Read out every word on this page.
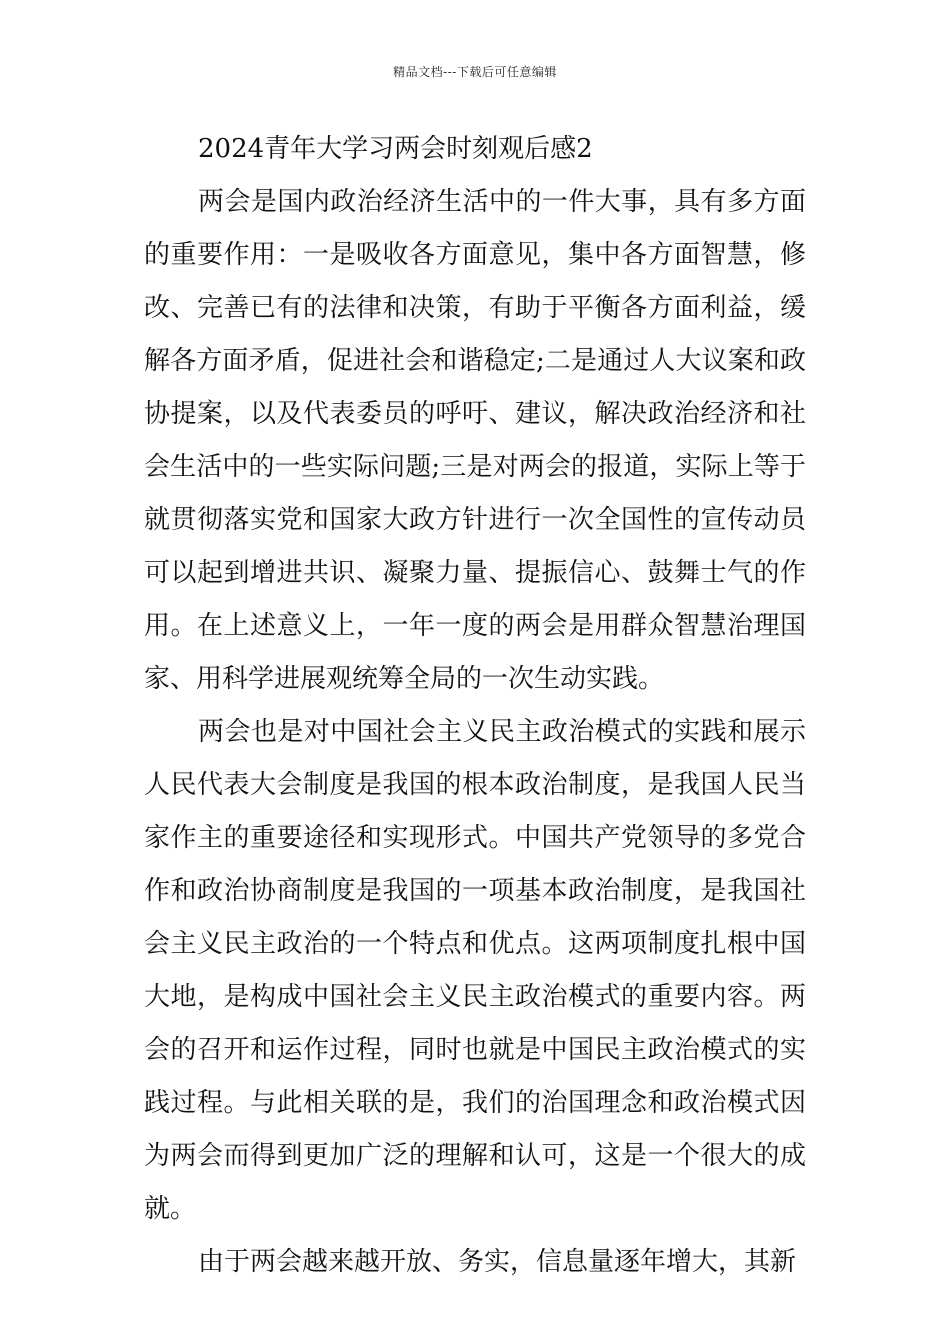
精品文档---下载后可任意编辑
2024青年大学习两会时刻观后感2

两会是国内政治经济生活中的一件大事，具有多方面的重要作用：一是吸收各方面意见，集中各方面智慧，修改、完善已有的法律和决策，有助于平衡各方面利益，缓解各方面矛盾，促进社会和谐稳定;二是通过人大议案和政协提案，以及代表委员的呼吁、建议，解决政治经济和社会生活中的一些实际问题;三是对两会的报道，实际上等于就贯彻落实党和国家大政方针进行一次全国性的宣传动员可以起到增进共识、凝聚力量、提振信心、鼓舞士气的作用。在上述意义上，一年一度的两会是用群众智慧治理国家、用科学进展观统筹全局的一次生动实践。

两会也是对中国社会主义民主政治模式的实践和展示人民代表大会制度是我国的根本政治制度，是我国人民当家作主的重要途径和实现形式。中国共产党领导的多党合作和政治协商制度是我国的一项基本政治制度，是我国社会主义民主政治的一个特点和优点。这两项制度扎根中国大地，是构成中国社会主义民主政治模式的重要内容。两会的召开和运作过程，同时也就是中国民主政治模式的实践过程。与此相关联的是，我们的治国理念和政治模式因为两会而得到更加广泛的理解和认可，这是一个很大的成就。

由于两会越来越开放、务实，信息量逐年增大，其新
